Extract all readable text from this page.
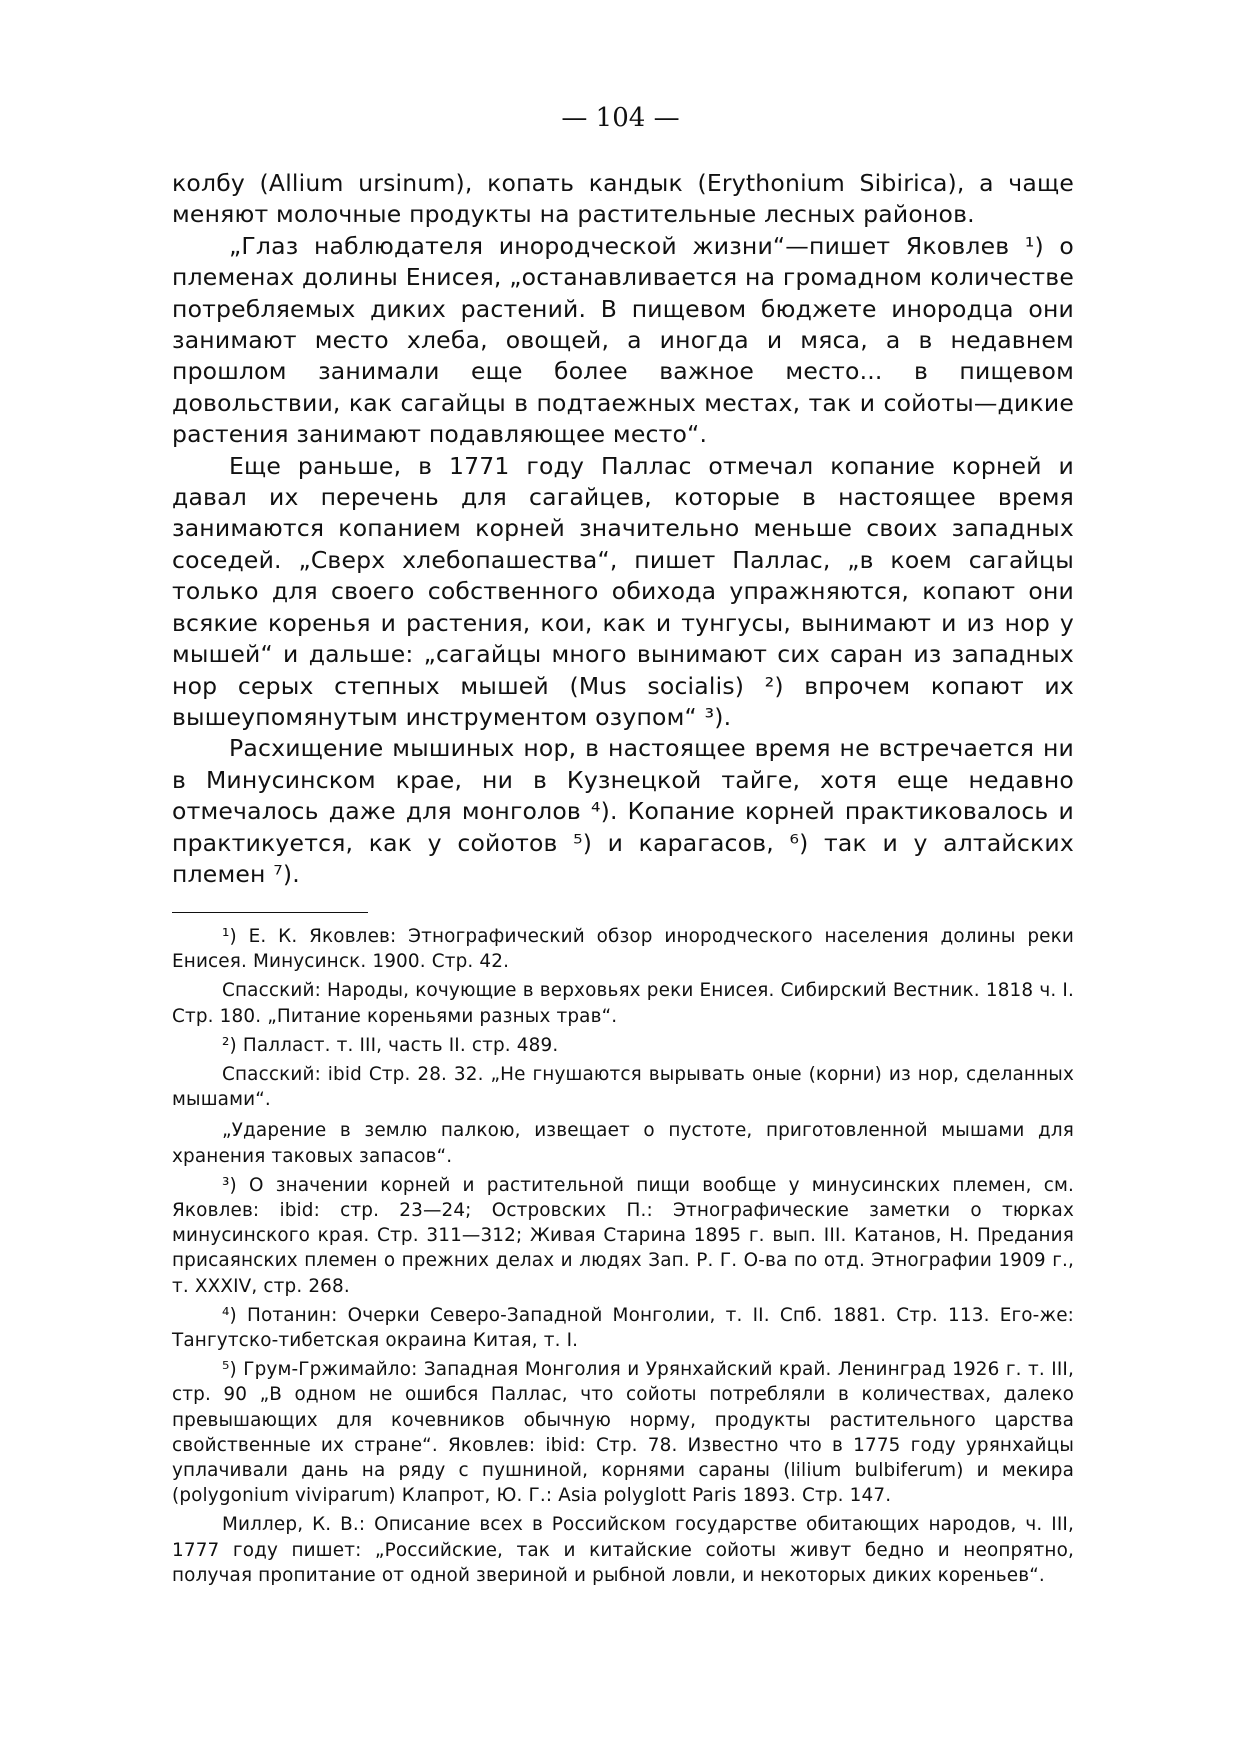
— 104 —

колбу (Allium ursinum), копать кандык (Erythonium Sibirica), а чаще меняют молочные продукты на растительные лесных районов.

„Глаз наблюдателя инородческой жизни“—пишет Яковлев ¹) о племенах долины Енисея, „останавливается на громадном количестве потребляемых диких растений. В пищевом бюджете инородца они занимают место хлеба, овощей, а иногда и мяса, а в недавнем прошлом занимали еще более важное место... в пищевом довольствии, как сагайцы в подтаежных местах, так и сойоты—дикие растения занимают подавляющее место“.

Еще раньше, в 1771 году Паллас отмечал копание корней и давал их перечень для сагайцев, которые в настоящее время занимаются копанием корней значительно меньше своих западных соседей. „Сверх хлебопашества“, пишет Паллас, „в коем сагайцы только для своего собственного обихода упражняются, копают они всякие коренья и растения, кои, как и тунгусы, вынимают и из нор у мышей“ и дальше: „сагайцы много вынимают сих саран из западных нор серых степных мышей (Mus socialis) ²) впрочем копают их вышеупомянутым инструментом озупом“ ³).

Расхищение мышиных нор, в настоящее время не встречается ни в Минусинском крае, ни в Кузнецкой тайге, хотя еще недавно отмечалось даже для монголов ⁴). Копание корней практиковалось и практикуется, как у сойотов ⁵) и карагасов, ⁶) так и у алтайских племен ⁷).

¹) Е. К. Яковлев: Этнографический обзор инородческого населения долины реки Енисея. Минусинск. 1900. Стр. 42.

Спасский: Народы, кочующие в верховьях реки Енисея. Сибирский Вестник. 1818 ч. I. Стр. 180. „Питание кореньями разных трав“.

²) Палласт. т. III, часть II. стр. 489.

Спасский: ibid Стр. 28. 32. „Не гнушаются вырывать оные (корни) из нор, сделанных мышами“.

„Ударение в землю палкою, извещает о пустоте, приготовленной мышами для хранения таковых запасов“.

³) О значении корней и растительной пищи вообще у минусинских племен, см. Яковлев: ibid: стр. 23—24; Островских П.: Этнографические заметки о тюрках минусинского края. Стр. 311—312; Живая Старина 1895 г. вып. III. Катанов, Н. Предания присаянских племен о прежних делах и людях Зап. Р. Г. О-ва по отд. Этнографии 1909 г., т. XXXIV, стр. 268.

⁴) Потанин: Очерки Северо-Западной Монголии, т. II. Спб. 1881. Стр. 113. Его-же: Тангутско-тибетская окраина Китая, т. I.

⁵) Грум-Гржимайло: Западная Монголия и Урянхайский край. Ленинград 1926 г. т. III, стр. 90 „В одном не ошибся Паллас, что сойоты потребляли в количествах, далеко превышающих для кочевников обычную норму, продукты растительного царства свойственные их стране“. Яковлев: ibid: Стр. 78. Известно что в 1775 году урянхайцы уплачивали дань на ряду с пушниной, корнями сараны (lilium bulbiferum) и мекира (polygonium viviparum) Клапрот, Ю. Г.: Asia polyglott Paris 1893. Стр. 147.

Миллер, К. В.: Описание всех в Российском государстве обитающих народов, ч. III, 1777 году пишет: „Российские, так и китайские сойоты живут бедно и неопрятно, получая пропитание от одной звериной и рыбной ловли, и некоторых диких кореньев“.
